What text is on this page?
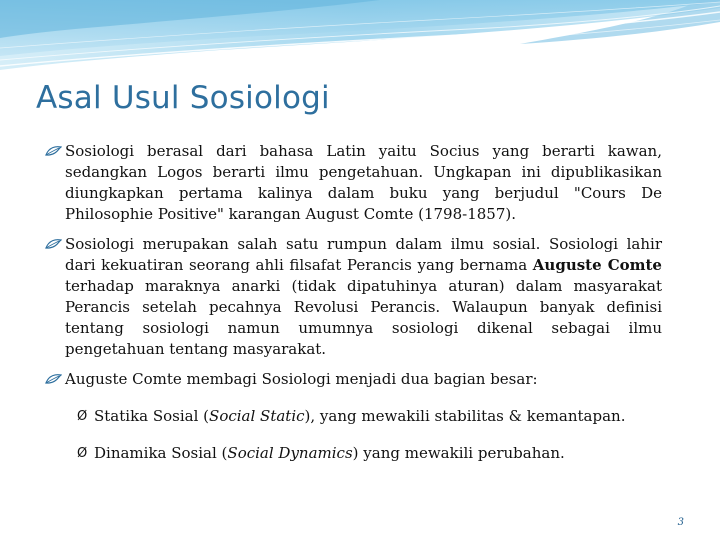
Asal Usul Sosiologi

Sosiologi berasal dari bahasa Latin yaitu Socius yang berarti kawan, sedangkan Logos berarti ilmu pengetahuan. Ungkapan ini dipublikasikan diungkapkan pertama kalinya dalam buku yang berjudul "Cours De Philosophie Positive" karangan August Comte (1798-1857).

Sosiologi merupakan salah satu rumpun dalam ilmu sosial. Sosiologi lahir dari kekuatiran seorang ahli filsafat Perancis yang bernama Auguste Comte terhadap maraknya anarki (tidak dipatuhinya aturan) dalam masyarakat Perancis setelah pecahnya Revolusi Perancis. Walaupun banyak definisi tentang sosiologi namun umumnya sosiologi dikenal sebagai ilmu pengetahuan tentang masyarakat.

Auguste Comte membagi Sosiologi menjadi dua bagian besar:

Ø Statika Sosial (Social Static), yang mewakili stabilitas & kemantapan.

Ø Dinamika Sosial (Social Dynamics) yang mewakili perubahan.

3
